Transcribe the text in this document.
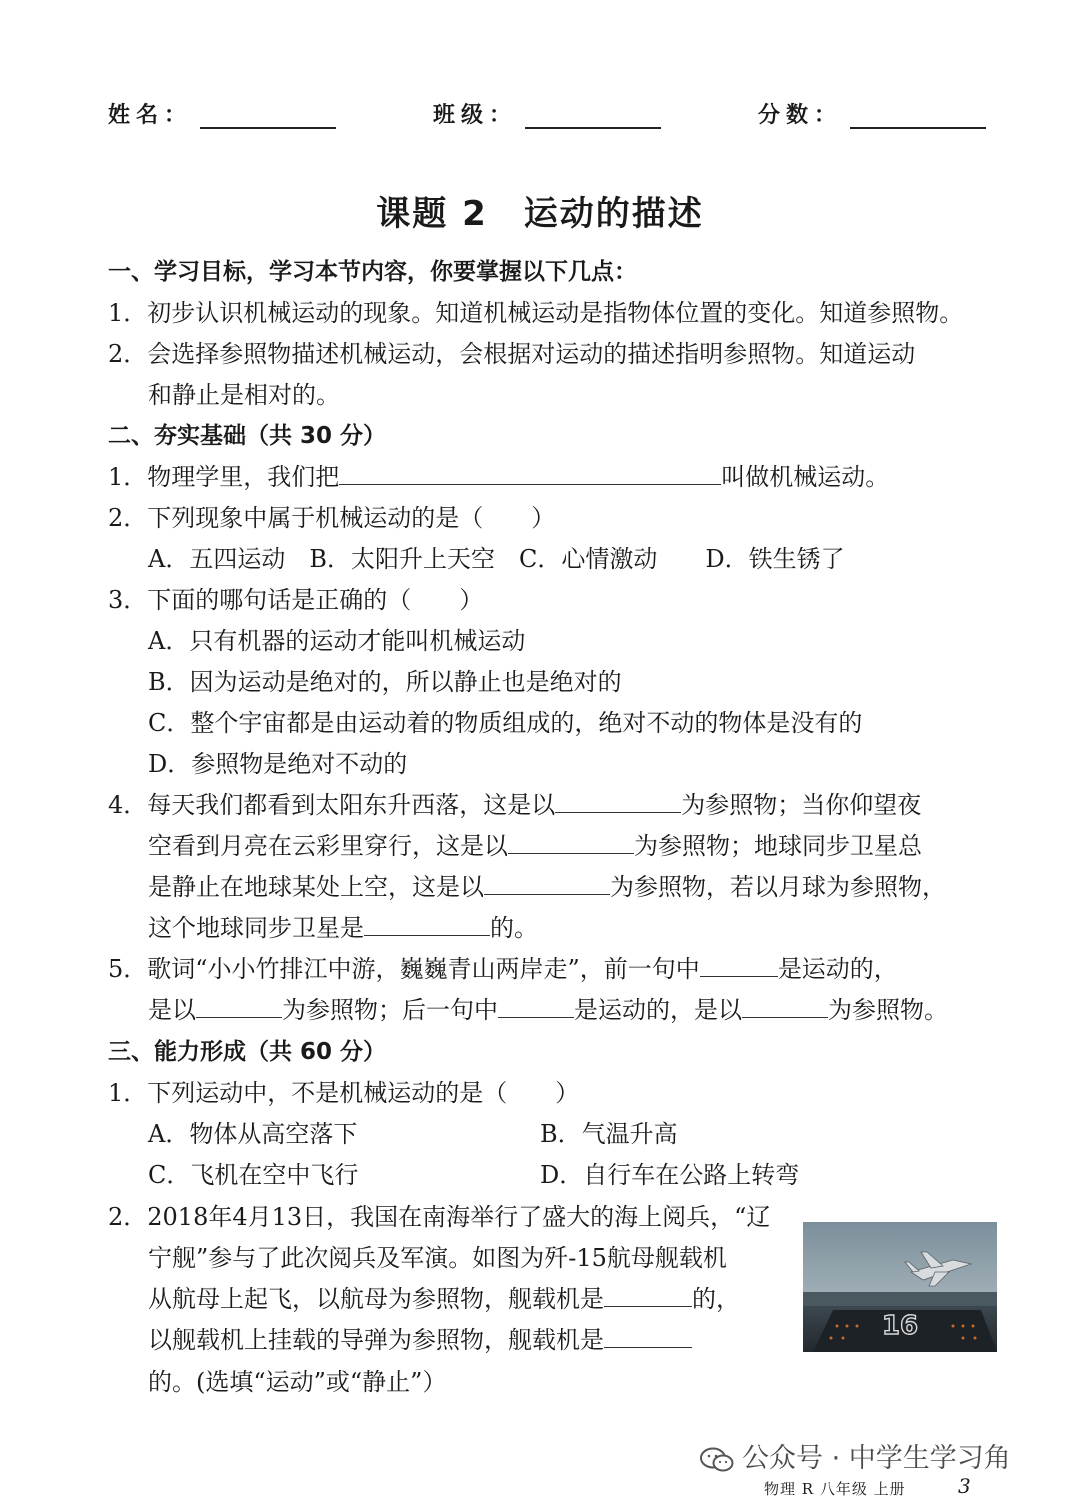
姓名：	班级：	分数：
课题 2　运动的描述
一、学习目标，学习本节内容，你要掌握以下几点：
1．初步认识机械运动的现象。知道机械运动是指物体位置的变化。知道参照物。
2．会选择参照物描述机械运动，会根据对运动的描述指明参照物。知道运动
和静止是相对的。
二、夯实基础（共 30 分）
1．物理学里，我们把	叫做机械运动。
2．下列现象中属于机械运动的是（　　）
A．五四运动　B．太阳升上天空　C．心情激动　　D．铁生锈了
3．下面的哪句话是正确的（　　）
A．只有机器的运动才能叫机械运动
B．因为运动是绝对的，所以静止也是绝对的
C．整个宇宙都是由运动着的物质组成的，绝对不动的物体是没有的
D．参照物是绝对不动的
4．每天我们都看到太阳东升西落，这是以	为参照物；当你仰望夜
空看到月亮在云彩里穿行，这是以	为参照物；地球同步卫星总
是静止在地球某处上空，这是以	为参照物，若以月球为参照物，
这个地球同步卫星是	的。
5．歌词“小小竹排江中游，巍巍青山两岸走”，前一句中	是运动的，
是以	为参照物；后一句中	是运动的，是以	为参照物。
三、能力形成（共 60 分）
1．下列运动中，不是机械运动的是（　　）
A．物体从高空落下	B．气温升高
C．飞机在空中飞行	D．自行车在公路上转弯
2．2018年4月13日，我国在南海举行了盛大的海上阅兵，“辽
宁舰”参与了此次阅兵及军演。如图为歼-15航母舰载机
从航母上起飞，以航母为参照物，舰载机是	的，
以舰载机上挂载的导弹为参照物，舰载机是
的。(选填“运动”或“静止”）
16
公众号 · 中学生学习角
物理 R 八年级 上册	3
